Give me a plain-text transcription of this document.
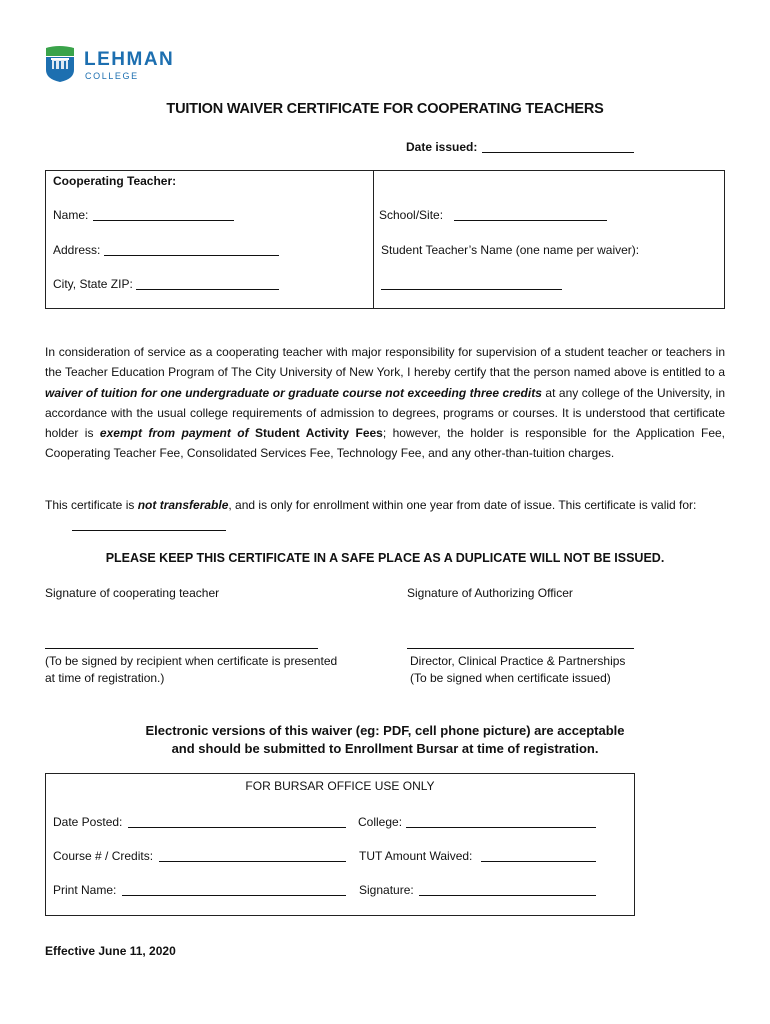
LEHMAN
COLLEGE
TUITION WAIVER CERTIFICATE FOR COOPERATING TEACHERS
Date issued:
Cooperating Teacher:
Name:
Address:
City, State ZIP:
School/Site:
Student Teacher’s Name (one name per waiver):
In consideration of service as a cooperating teacher with major responsibility for supervision of a student teacher or teachers in the Teacher Education Program of The City University of New York, I hereby certify that the person named above is entitled to a waiver of tuition for one undergraduate or graduate course not exceeding three credits at any college of the University, in accordance with the usual college requirements of admission to degrees, programs or courses. It is understood that certificate holder is exempt from payment of Student Activity Fees; however, the holder is responsible for the Application Fee, Cooperating Teacher Fee, Consolidated Services Fee, Technology Fee, and any other-than-tuition charges.
This certificate is not transferable, and is only for enrollment within one year from date of issue. This certificate is valid for:
PLEASE KEEP THIS CERTIFICATE IN A SAFE PLACE AS A DUPLICATE WILL NOT BE ISSUED.
Signature of cooperating teacher
(To be signed by recipient when certificate is presented
at time of registration.)
Signature of Authorizing Officer
Director, Clinical Practice & Partnerships
(To be signed when certificate issued)
Electronic versions of this waiver (eg: PDF, cell phone picture) are acceptable
and should be submitted to Enrollment Bursar at time of registration.
FOR BURSAR OFFICE USE ONLY
Date Posted:	College:
Course # / Credits:	TUT Amount Waived:
Print Name:	Signature:
Effective June 11, 2020
